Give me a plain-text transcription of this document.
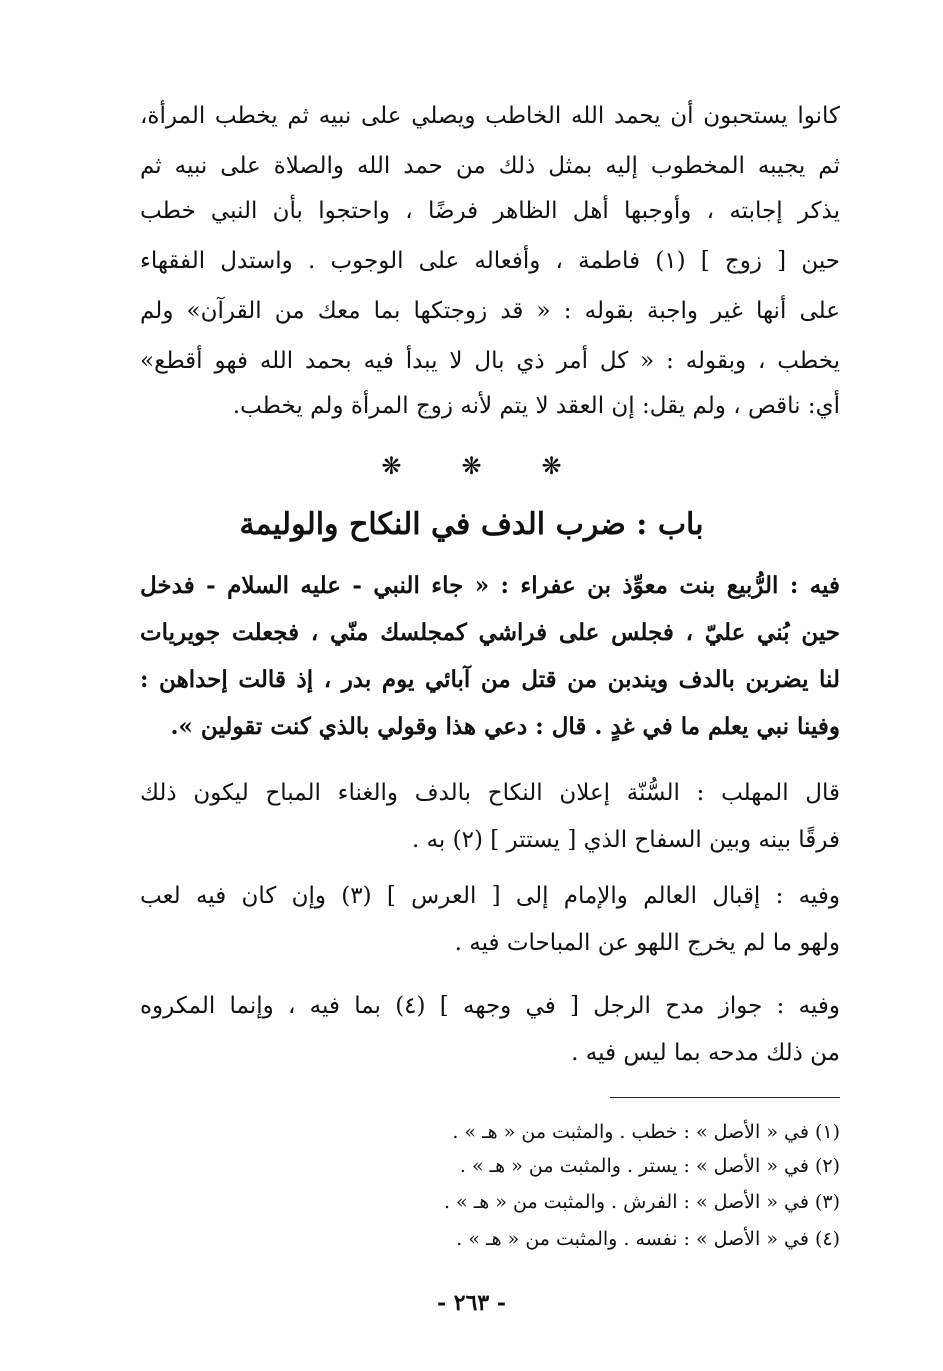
كانوا يستحبون أن يحمد الله الخاطب ويصلي على نبيه ثم يخطب المرأة،
ثم يجيبه المخطوب إليه بمثل ذلك من حمد الله والصلاة على نبيه ثم
يذكر إجابته ، وأوجبها أهل الظاهر فرضًا ، واحتجوا بأن النبي خطب
حين [ زوج ] (١) فاطمة ، وأفعاله على الوجوب . واستدل الفقهاء
على أنها غير واجبة بقوله : « قد زوجتكها بما معك من القرآن» ولم
يخطب ، وبقوله : « كل أمر ذي بال لا يبدأ فيه بحمد الله فهو أقطع»
أي: ناقص ، ولم يقل: إن العقد لا يتم لأنه زوج المرأة ولم يخطب.
❋❋❋
باب : ضرب الدف في النكاح والوليمة
فيه : الرُّبيع بنت معوِّذ بن عفراء : « جاء النبي - عليه السلام - فدخل
حين بُني عليّ ، فجلس على فراشي كمجلسك منّي ، فجعلت جويريات
لنا يضربن بالدف ويندبن من قتل من آبائي يوم بدر ، إذ قالت إحداهن :
وفينا نبي يعلم ما في غدٍ . قال : دعي هذا وقولي بالذي كنت تقولين ».
قال المهلب : السُّنّة إعلان النكاح بالدف والغناء المباح ليكون ذلك
فرقًا بينه وبين السفاح الذي [ يستتر ] (٢) به .
وفيه : إقبال العالم والإمام إلى [ العرس ] (٣) وإن كان فيه لعب
ولهو ما لم يخرج اللهو عن المباحات فيه .
وفيه : جواز مدح الرجل [ في وجهه ] (٤) بما فيه ، وإنما المكروه
من ذلك مدحه بما ليس فيه .
(١) في « الأصل » : خطب . والمثبت من « هـ » .
(٢) في « الأصل » : يستر . والمثبت من « هـ » .
(٣) في « الأصل » : الفرش . والمثبت من « هـ » .
(٤) في « الأصل » : نفسه . والمثبت من « هـ » .
- ٢٦٣ -
